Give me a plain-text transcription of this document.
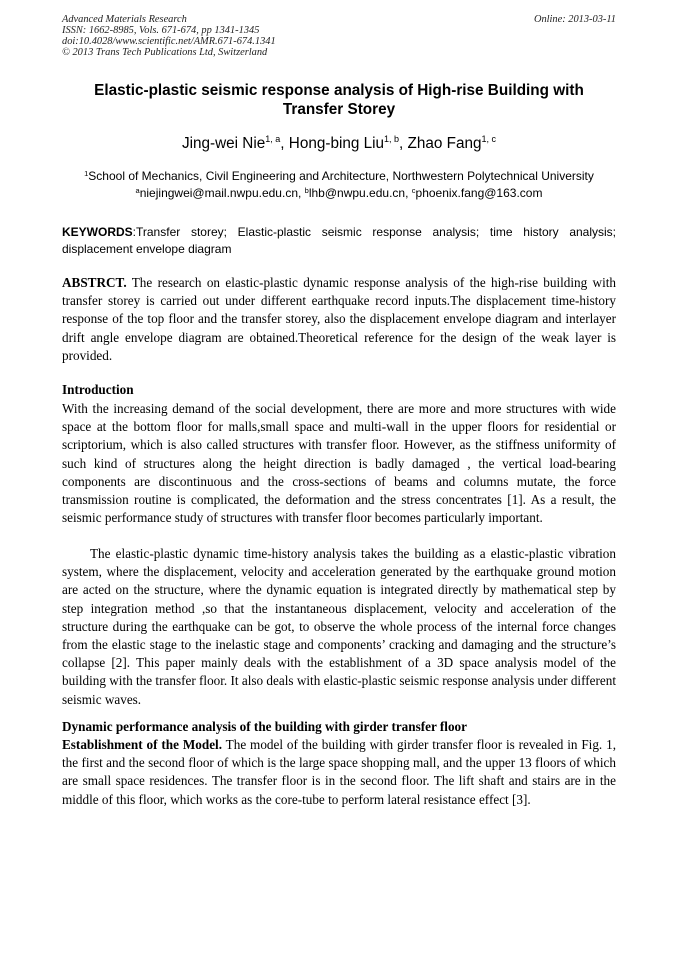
Advanced Materials Research
ISSN: 1662-8985, Vols. 671-674, pp 1341-1345
doi:10.4028/www.scientific.net/AMR.671-674.1341
© 2013 Trans Tech Publications Ltd, Switzerland
Online: 2013-03-11
Elastic-plastic seismic response analysis of High-rise Building with Transfer Storey
Jing-wei Nie$^{1, a}$, Hong-bing Liu$^{1, b}$, Zhao Fang$^{1, c}$
$^1$School of Mechanics, Civil Engineering and Architecture, Northwestern Polytechnical University
$^a$niejingwei@mail.nwpu.edu.cn, $^b$lhb@nwpu.edu.cn, $^c$phoenix.fang@163.com
KEYWORDS:Transfer storey; Elastic-plastic seismic response analysis; time history analysis; displacement envelope diagram
ABSTRCT. The research on elastic-plastic dynamic response analysis of the high-rise building with transfer storey is carried out under different earthquake record inputs.The displacement time-history response of the top floor and the transfer storey, also the displacement envelope diagram and interlayer drift angle envelope diagram are obtained.Theoretical reference for the design of the weak layer is provided.
Introduction
With the increasing demand of the social development, there are more and more structures with wide space at the bottom floor for malls,small space and multi-wall in the upper floors for residential or scriptorium, which is also called structures with transfer floor. However, as the stiffness uniformity of such kind of structures along the height direction is badly damaged , the vertical load-bearing components are discontinuous and the cross-sections of beams and columns mutate, the force transmission routine is complicated, the deformation and the stress concentrates [1]. As a result, the seismic performance study of structures with transfer floor becomes particularly important.
The elastic-plastic dynamic time-history analysis takes the building as a elastic-plastic vibration system, where the displacement, velocity and acceleration generated by the earthquake ground motion are acted on the structure, where the dynamic equation is integrated directly by mathematical step by step integration method ,so that the instantaneous displacement, velocity and acceleration of the structure during the earthquake can be got, to observe the whole process of the internal force changes from the elastic stage to the inelastic stage and components’ cracking and damaging and the structure’s collapse [2]. This paper mainly deals with the establishment of a 3D space analysis model of the building with the transfer floor. It also deals with elastic-plastic seismic response analysis under different seismic waves.
Dynamic performance analysis of the building with girder transfer floor
Establishment of the Model. The model of the building with girder transfer floor is revealed in Fig. 1, the first and the second floor of which is the large space shopping mall, and the upper 13 floors of which are small space residences. The transfer floor is in the second floor. The lift shaft and stairs are in the middle of this floor, which works as the core-tube to perform lateral resistance effect [3].
